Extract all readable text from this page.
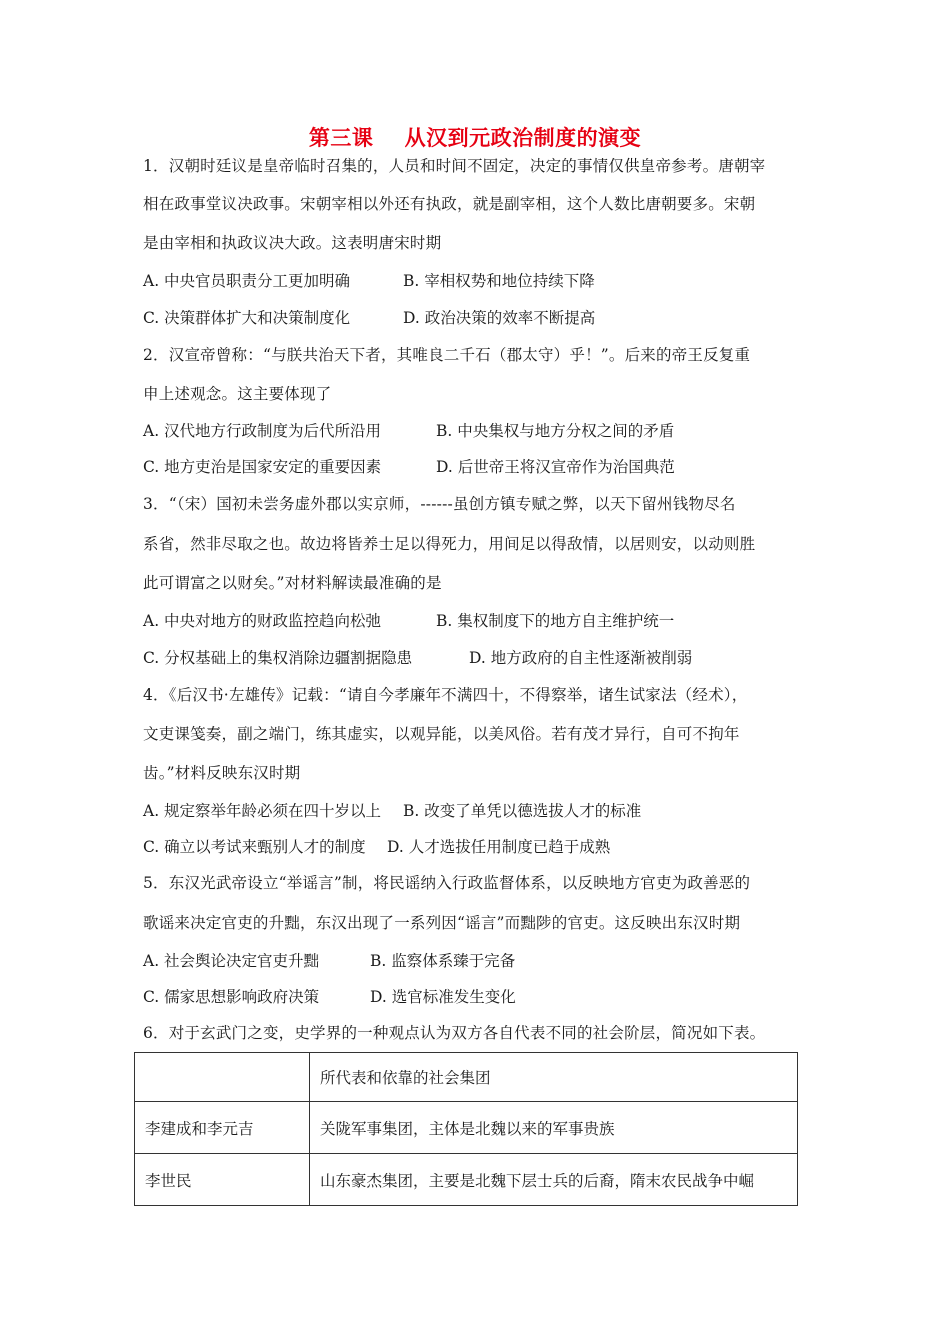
第三课    从汉到元政治制度的演变
1．汉朝时廷议是皇帝临时召集的，人员和时间不固定，决定的事情仅供皇帝参考。唐朝宰
相在政事堂议决政事。宋朝宰相以外还有执政，就是副宰相，这个人数比唐朝要多。宋朝
是由宰相和执政议决大政。这表明唐宋时期
A. 中央官员职责分工更加明确	B. 宰相权势和地位持续下降
C. 决策群体扩大和决策制度化	D. 政治决策的效率不断提高
2．汉宣帝曾称：“与朕共治天下者，其唯良二千石（郡太守）乎！”。后来的帝王反复重
申上述观念。这主要体现了
A. 汉代地方行政制度为后代所沿用	B. 中央集权与地方分权之间的矛盾
C. 地方吏治是国家安定的重要因素	D. 后世帝王将汉宣帝作为治国典范
3．“（宋）国初未尝务虚外郡以实京师，------虽创方镇专赋之弊，以天下留州钱物尽名
系省，然非尽取之也。故边将皆养士足以得死力，用间足以得敌情，以居则安，以动则胜
此可谓富之以财矣。”对材料解读最准确的是
A. 中央对地方的财政监控趋向松弛	B. 集权制度下的地方自主维护统一
C. 分权基础上的集权消除边疆割据隐患	D. 地方政府的自主性逐渐被削弱
4．《后汉书·左雄传》记载：“请自今孝廉年不满四十，不得察举，诸生试家法（经术），
文吏课笺奏，副之端门，练其虚实，以观异能，以美风俗。若有茂才异行，自可不拘年
齿。”材料反映东汉时期
A. 规定察举年龄必须在四十岁以上 B. 改变了单凭以德选拔人才的标准
C. 确立以考试来甄别人才的制度 D. 人才选拔任用制度已趋于成熟
5．东汉光武帝设立“举谣言”制，将民谣纳入行政监督体系，以反映地方官吏为政善恶的
歌谣来决定官吏的升黜，东汉出现了一系列因“谣言”而黜陟的官吏。这反映出东汉时期
A. 社会舆论决定官吏升黜	B. 监察体系臻于完备
C. 儒家思想影响政府决策	D. 选官标准发生变化
6．对于玄武门之变，史学界的一种观点认为双方各自代表不同的社会阶层，简况如下表。
	所代表和依靠的社会集团
李建成和李元吉	关陇军事集团，主体是北魏以来的军事贵族
李世民	山东豪杰集团，主要是北魏下层士兵的后裔，隋末农民战争中崛
